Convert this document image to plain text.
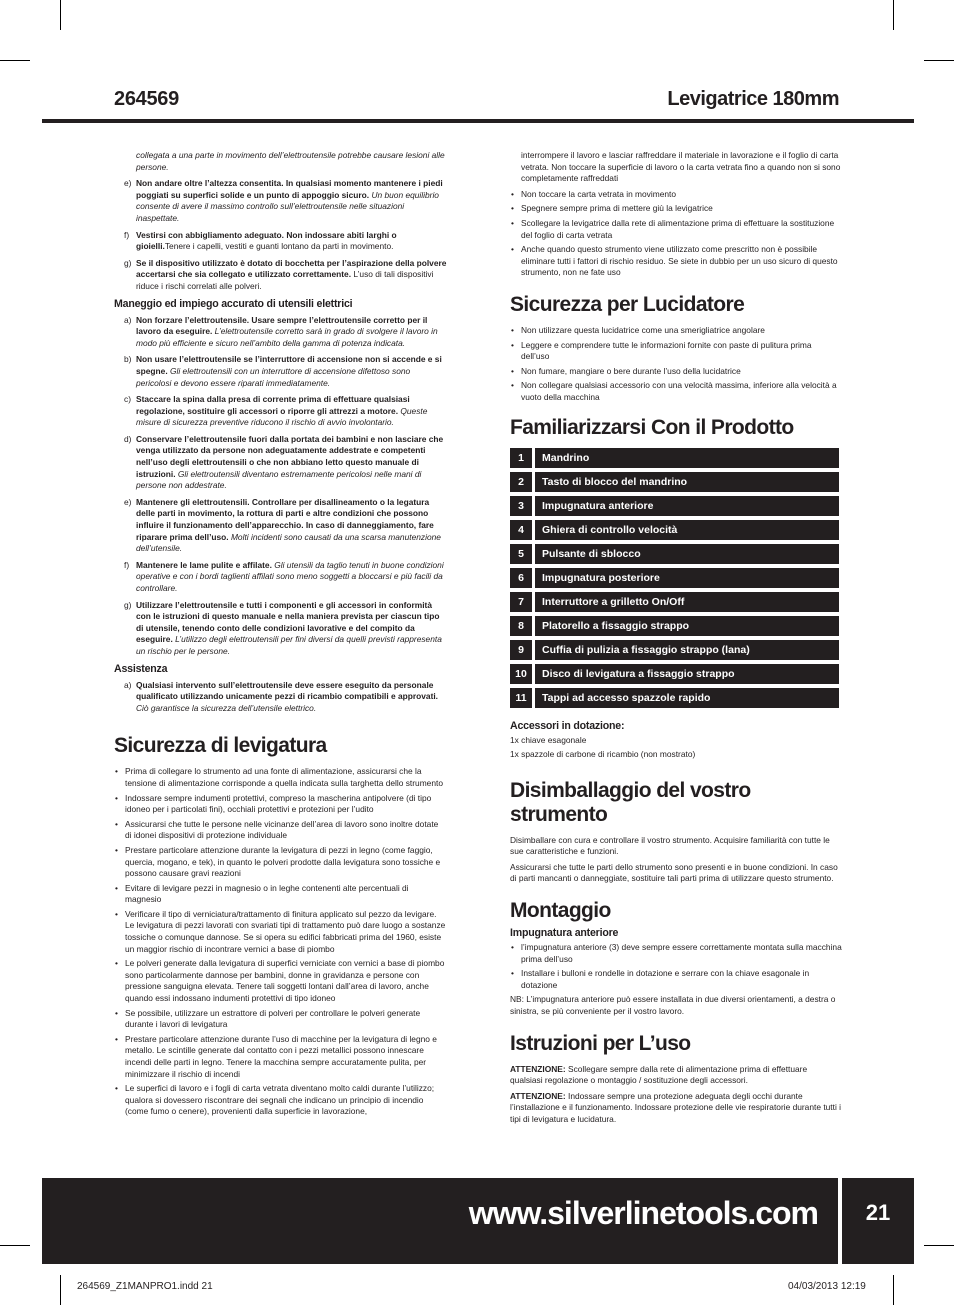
264569	Levigatrice 180mm
collegata a una parte in movimento dell’elettroutensile potrebbe causare lesioni alle persone.
e) Non andare oltre l’altezza consentita. In qualsiasi momento mantenere i piedi poggiati su superfici solide e un punto di appoggio sicuro. Un buon equilibrio consente di avere il massimo controllo sull’elettroutensile nelle situazioni inaspettate.
f) Vestirsi con abbigliamento adeguato. Non indossare abiti larghi o gioielli.Tenere i capelli, vestiti e guanti lontano da parti in movimento.
g) Se il dispositivo utilizzato è dotato di bocchetta per l’aspirazione della polvere accertarsi che sia collegato e utilizzato correttamente. L’uso di tali dispositivi riduce i rischi correlati alle polveri.
Maneggio ed impiego accurato di utensili elettrici
a) Non forzare l’elettroutensile. Usare sempre l’elettroutensile corretto per il lavoro da eseguire. L’elettroutensile corretto sarà in grado di svolgere il lavoro in modo più efficiente e sicuro nell’ambito della gamma di potenza indicata.
b) Non usare l’elettroutensile se l’interruttore di accensione non si accende e si spegne. Gli elettroutensili con un interruttore di accensione difettoso sono pericolosi e devono essere riparati immediatamente.
c) Staccare la spina dalla presa di corrente prima di effettuare qualsiasi regolazione, sostituire gli accessori o riporre gli attrezzi a motore. Queste misure di sicurezza preventive riducono il rischio di avvio involontario.
d) Conservare l’elettroutensile fuori dalla portata dei bambini e non lasciare che venga utilizzato da persone non adeguatamente addestrate e competenti nell’uso degli elettroutensili o che non abbiano letto questo manuale di istruzioni. Gli elettroutensili diventano estremamente pericolosi nelle mani di persone non addestrate.
e) Mantenere gli elettroutensili. Controllare per disallineamento o la legatura delle parti in movimento, la rottura di parti e altre condizioni che possono influire il funzionamento dell’apparecchio. In caso di danneggiamento, fare riparare prima dell’uso. Molti incidenti sono causati da una scarsa manutenzione dell’utensile.
f) Mantenere le lame pulite e affilate. Gli utensili da taglio tenuti in buone condizioni operative e con i bordi taglienti affilati sono meno soggetti a bloccarsi e più facili da controllare.
g) Utilizzare l’elettroutensile e tutti i componenti e gli accessori in conformità con le istruzioni di questo manuale e nella maniera prevista per ciascun tipo di utensile, tenendo conto delle condizioni lavorative e del compito da eseguire. L’utilizzo degli elettroutensili per fini diversi da quelli previsti rappresenta un rischio per le persone.
Assistenza
a) Qualsiasi intervento sull’elettroutensile deve essere eseguito da personale qualificato utilizzando unicamente pezzi di ricambio compatibili e approvati. Ciò garantisce la sicurezza dell’utensile elettrico.
Sicurezza di levigatura
• Prima di collegare lo strumento ad una fonte di alimentazione, assicurarsi che la tensione di alimentazione corrisponde a quella indicata sulla targhetta dello strumento
• Indossare sempre indumenti protettivi, compreso la mascherina antipolvere (di tipo idoneo per i particolati fini), occhiali protettivi e protezioni per l’udito
• Assicurarsi che tutte le persone nelle vicinanze dell’area di lavoro sono inoltre dotate di idonei dispositivi di protezione individuale
• Prestare particolare attenzione durante la levigatura di pezzi in legno (come faggio, quercia, mogano, e tek), in quanto le polveri prodotte dalla levigatura sono tossiche e possono causare gravi reazioni
• Evitare di levigare pezzi in magnesio o in leghe contenenti alte percentuali di magnesio
• Verificare il tipo di verniciatura/trattamento di finitura applicato sul pezzo da levigare. Le levigatura di pezzi lavorati con svariati tipi di trattamento può dare luogo a sostanze tossiche o comunque dannose. Se si opera su edifici fabbricati prima del 1960, esiste un maggior rischio di incontrare vernici a base di piombo
• Le polveri generate dalla levigatura di superfici verniciate con vernici a base di piombo sono particolarmente dannose per bambini, donne in gravidanza e persone con pressione sanguigna elevata. Tenere tali soggetti lontani dall’area di lavoro, anche quando essi indossano indumenti protettivi di tipo idoneo
• Se possibile, utilizzare un estrattore di polveri per controllare le polveri generate durante i lavori di levigatura
• Prestare particolare attenzione durante l’uso di macchine per la levigatura di legno e metallo. Le scintille generate dal contatto con i pezzi metallici possono innescare incendi delle parti in legno. Tenere la macchina sempre accuratamente pulita, per minimizzare il rischio di incendi
• Le superfici di lavoro e i fogli di carta vetrata diventano molto caldi durante l’utilizzo; qualora si dovessero riscontrare dei segnali che indicano un principio di incendio (come fumo o cenere), provenienti dalla superficie in lavorazione,
interrompere il lavoro e lasciar raffreddare il materiale in lavorazione e il foglio di carta vetrata. Non toccare la superficie di lavoro o la carta vetrata fino a quando non si sono completamente raffreddati
• Non toccare la carta vetrata in movimento
• Spegnere sempre prima di mettere giù la levigatrice
• Scollegare la levigatrice dalla rete di alimentazione prima di effettuare la sostituzione del foglio di carta vetrata
• Anche quando questo strumento viene utilizzato come prescritto non è possibile eliminare tutti i fattori di rischio residuo. Se siete in dubbio per un uso sicuro di questo strumento, non ne fate uso
Sicurezza per Lucidatore
• Non utilizzare questa lucidatrice come una smerigliatrice angolare
• Leggere e comprendere tutte le informazioni fornite con paste di pulitura prima dell’uso
• Non fumare, mangiare o bere durante l’uso della lucidatrice
• Non collegare qualsiasi accessorio con una velocità massima, inferiore alla velocità a vuoto della macchina
Familiarizzarsi Con il Prodotto
1	Mandrino
2	Tasto di blocco del mandrino
3	Impugnatura anteriore
4	Ghiera di controllo velocità
5	Pulsante di sblocco
6	Impugnatura posteriore
7	Interruttore a grilletto On/Off
8	Platorello a fissaggio strappo
9	Cuffia di pulizia a fissaggio strappo (lana)
10	Disco di levigatura a fissaggio strappo
11	Tappi ad accesso spazzole rapido
Accessori in dotazione:
1x chiave esagonale
1x spazzole di carbone di ricambio (non mostrato)
Disimballaggio del vostro strumento
Disimballare con cura e controllare il vostro strumento. Acquisire familiarità con tutte le sue caratteristiche e funzioni.
Assicurarsi che tutte le parti dello strumento sono presenti e in buone condizioni. In caso di parti mancanti o danneggiate, sostituire tali parti prima di utilizzare questo strumento.
Montaggio
Impugnatura anteriore
• l’impugnatura anteriore (3) deve sempre essere correttamente montata sulla macchina prima dell’uso
• Installare i bulloni e rondelle in dotazione e serrare con la chiave esagonale in dotazione
NB: L’impugnatura anteriore può essere installata in due diversi orientamenti, a destra o sinistra, se più conveniente per il vostro lavoro.
Istruzioni per L’uso
ATTENZIONE: Scollegare sempre dalla rete di alimentazione prima di effettuare qualsiasi regolazione o montaggio / sostituzione degli accessori.
ATTENZIONE: Indossare sempre una protezione adeguata degli occhi durante l’installazione e il funzionamento. Indossare protezione delle vie respiratorie durante tutti i tipi di levigatura e lucidatura.
www.silverlinetools.com 21
264569_Z1MANPRO1.indd 21	04/03/2013 12:19
